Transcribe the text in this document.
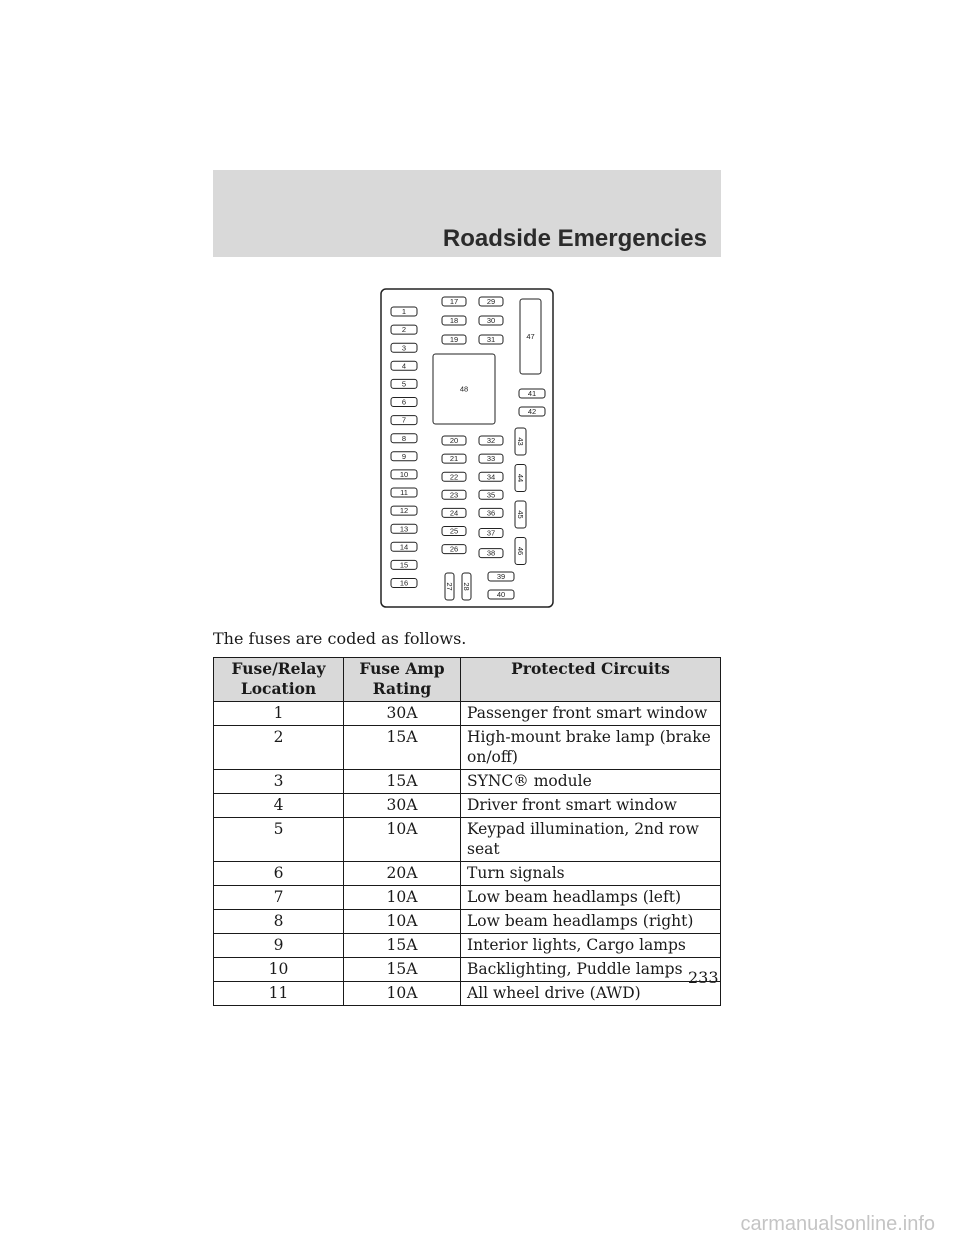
Roadside Emergencies
1
2
3
4
5
6
7
8
9
10
11
12
13
14
15
16
17	29
18	30
19	31
48
47
41
42
20	32
21	33
22	34
23	35
24	36
25	37
26	38
43
44
45
46
27 28
39
40
The fuses are coded as follows.
Fuse/Relay Location	Fuse Amp Rating	Protected Circuits
1	30A	Passenger front smart window
2	15A	High-mount brake lamp (brake on/off)
3	15A	SYNC® module
4	30A	Driver front smart window
5	10A	Keypad illumination, 2nd row seat
6	20A	Turn signals
7	10A	Low beam headlamps (left)
8	10A	Low beam headlamps (right)
9	15A	Interior lights, Cargo lamps
10	15A	Backlighting, Puddle lamps
11	10A	All wheel drive (AWD)
233
carmanualsonline.info
